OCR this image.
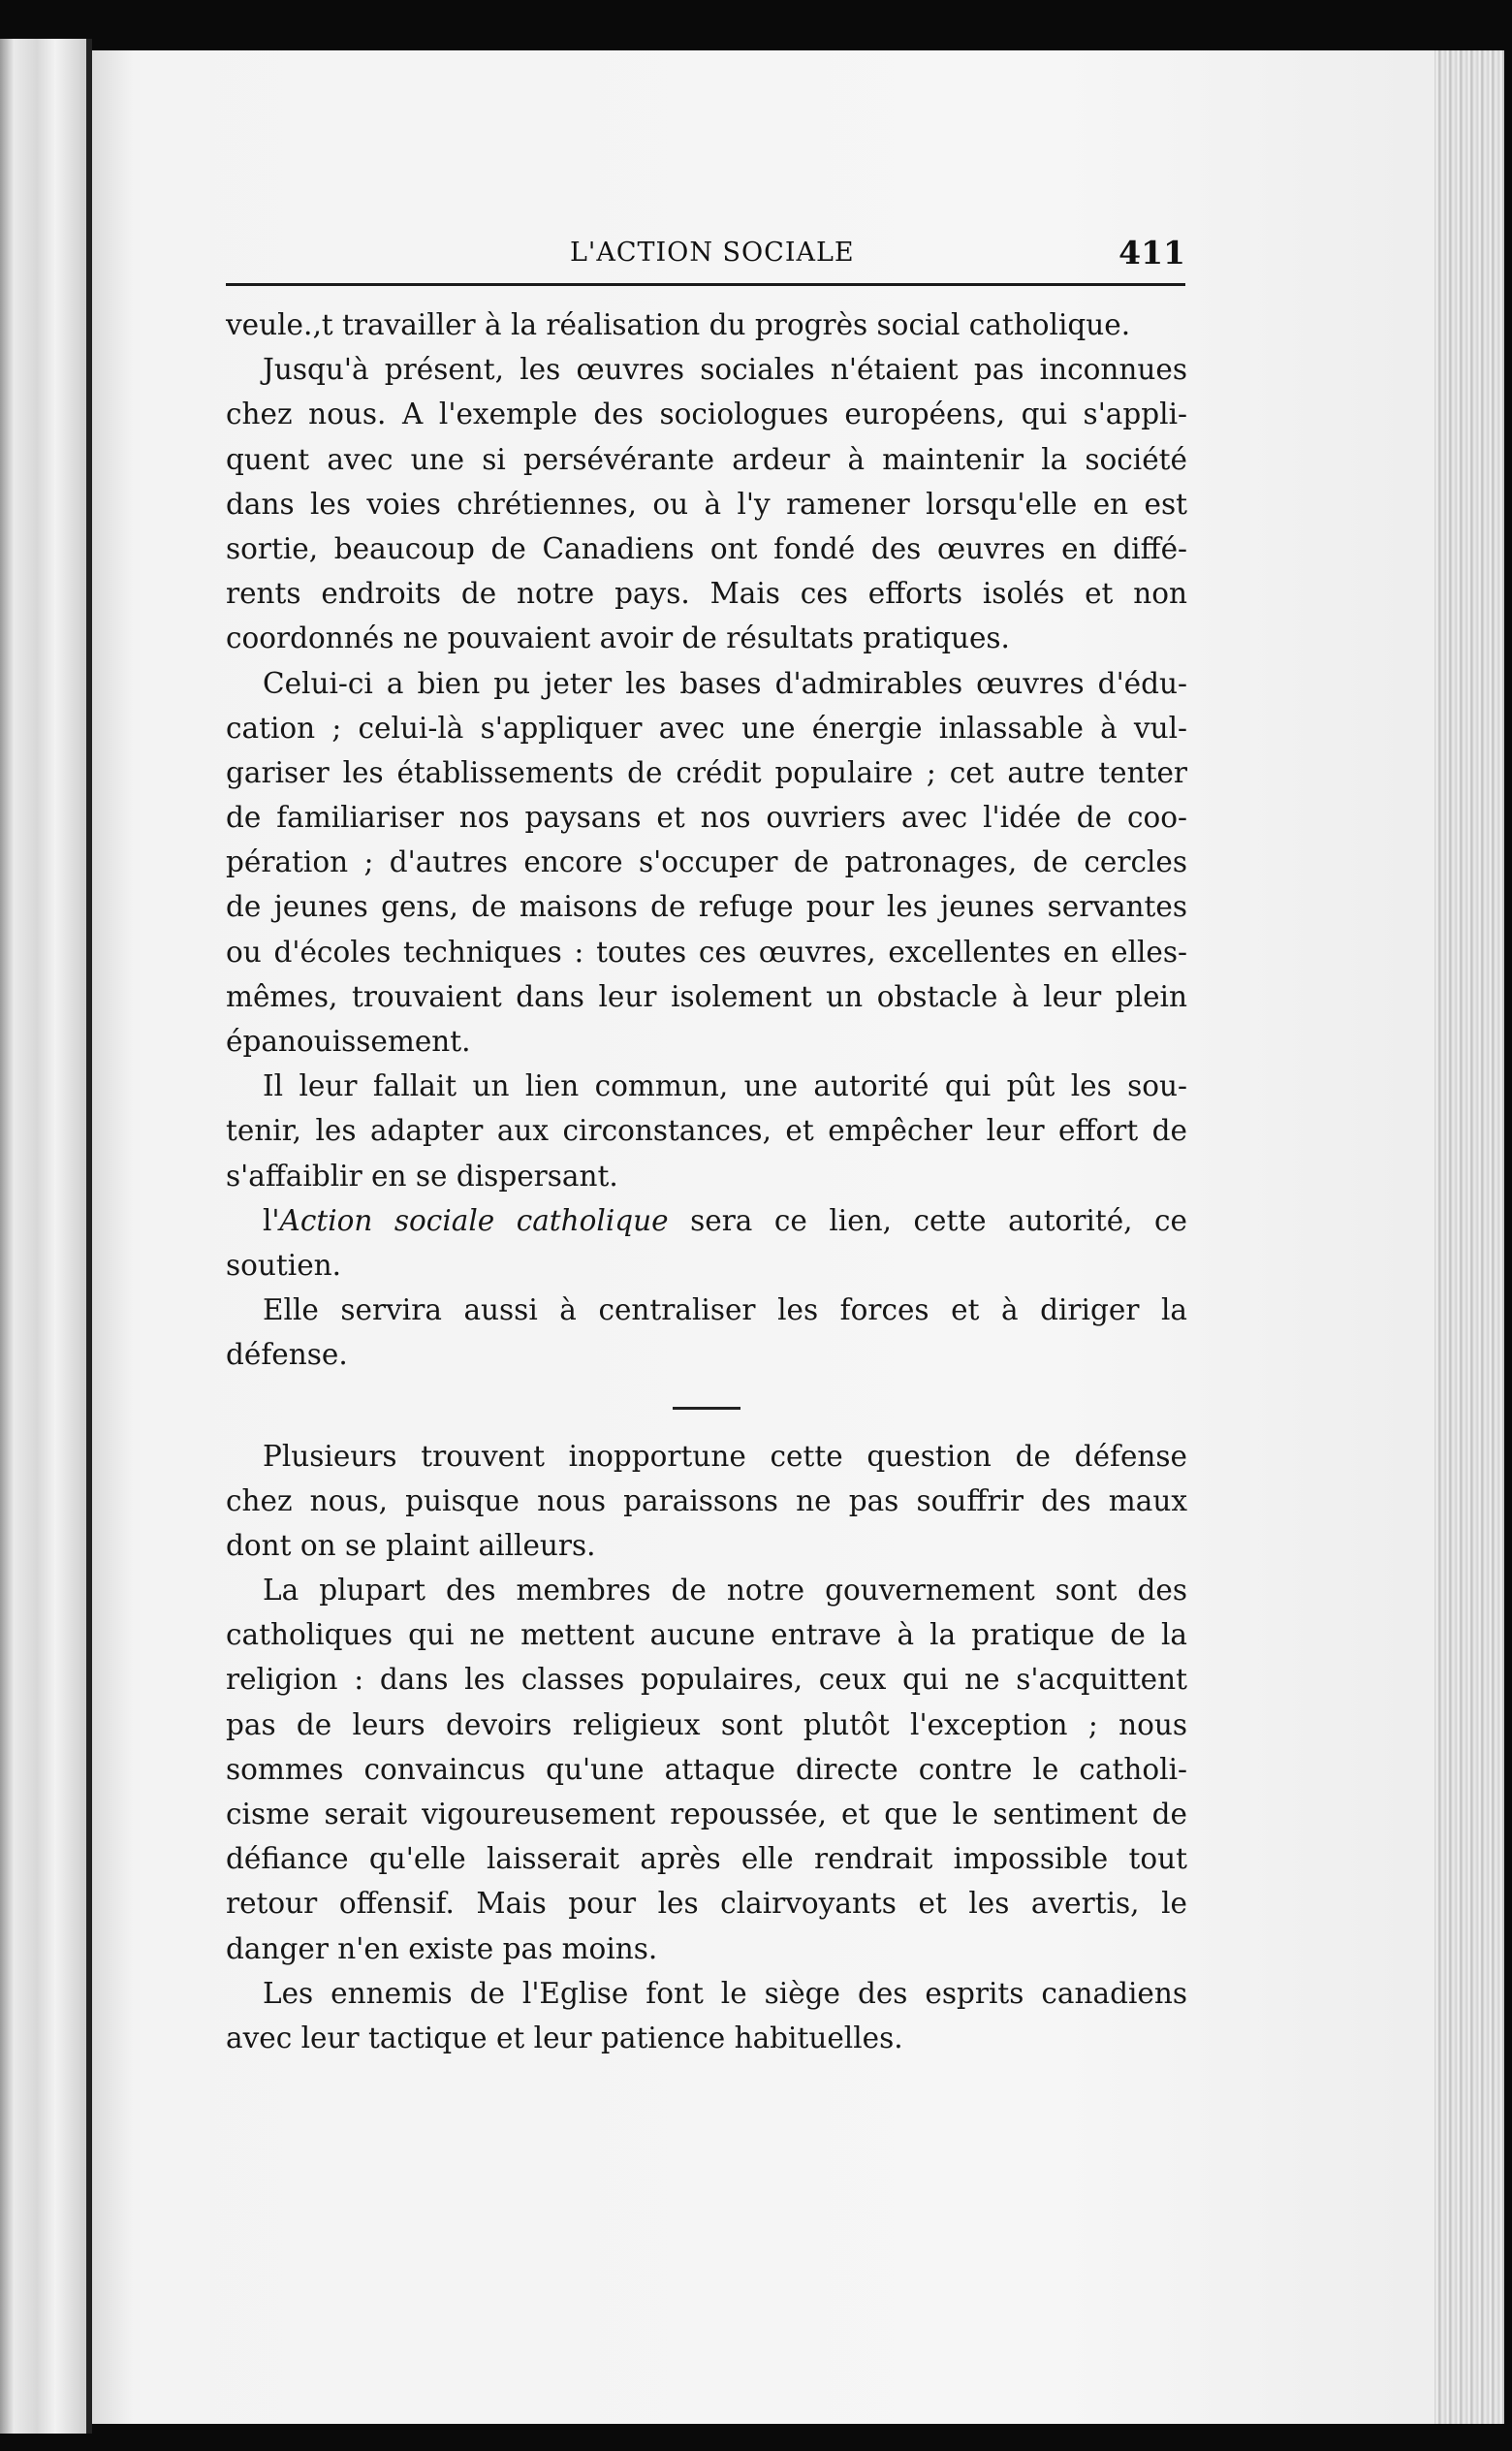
L'ACTION SOCIALE	411
veule.‚t travailler à la réalisation du progrès social catholique.
Jusqu'à présent, les œuvres sociales n'étaient pas inconnues
chez nous. A l'exemple des sociologues européens, qui s'appli-
quent avec une si persévérante ardeur à maintenir la société
dans les voies chrétiennes, ou à l'y ramener lorsqu'elle en est
sortie, beaucoup de Canadiens ont fondé des œuvres en diffé-
rents endroits de notre pays. Mais ces efforts isolés et non
coordonnés ne pouvaient avoir de résultats pratiques.
Celui-ci a bien pu jeter les bases d'admirables œuvres d'édu-
cation ; celui-là s'appliquer avec une énergie inlassable à vul-
gariser les établissements de crédit populaire ; cet autre tenter
de familiariser nos paysans et nos ouvriers avec l'idée de coo-
pération ; d'autres encore s'occuper de patronages, de cercles
de jeunes gens, de maisons de refuge pour les jeunes servantes
ou d'écoles techniques : toutes ces œuvres, excellentes en elles-
mêmes, trouvaient dans leur isolement un obstacle à leur plein
épanouissement.
Il leur fallait un lien commun, une autorité qui pût les sou-
tenir, les adapter aux circonstances, et empêcher leur effort de
s'affaiblir en se dispersant.
l'Action sociale catholique sera ce lien, cette autorité, ce
soutien.
Elle servira aussi à centraliser les forces et à diriger la
défense.
Plusieurs trouvent inopportune cette question de défense
chez nous, puisque nous paraissons ne pas souffrir des maux
dont on se plaint ailleurs.
La plupart des membres de notre gouvernement sont des
catholiques qui ne mettent aucune entrave à la pratique de la
religion : dans les classes populaires, ceux qui ne s'acquittent
pas de leurs devoirs religieux sont plutôt l'exception ; nous
sommes convaincus qu'une attaque directe contre le catholi-
cisme serait vigoureusement repoussée, et que le sentiment de
défiance qu'elle laisserait après elle rendrait impossible tout
retour offensif. Mais pour les clairvoyants et les avertis, le
danger n'en existe pas moins.
Les ennemis de l'Eglise font le siège des esprits canadiens
avec leur tactique et leur patience habituelles.
